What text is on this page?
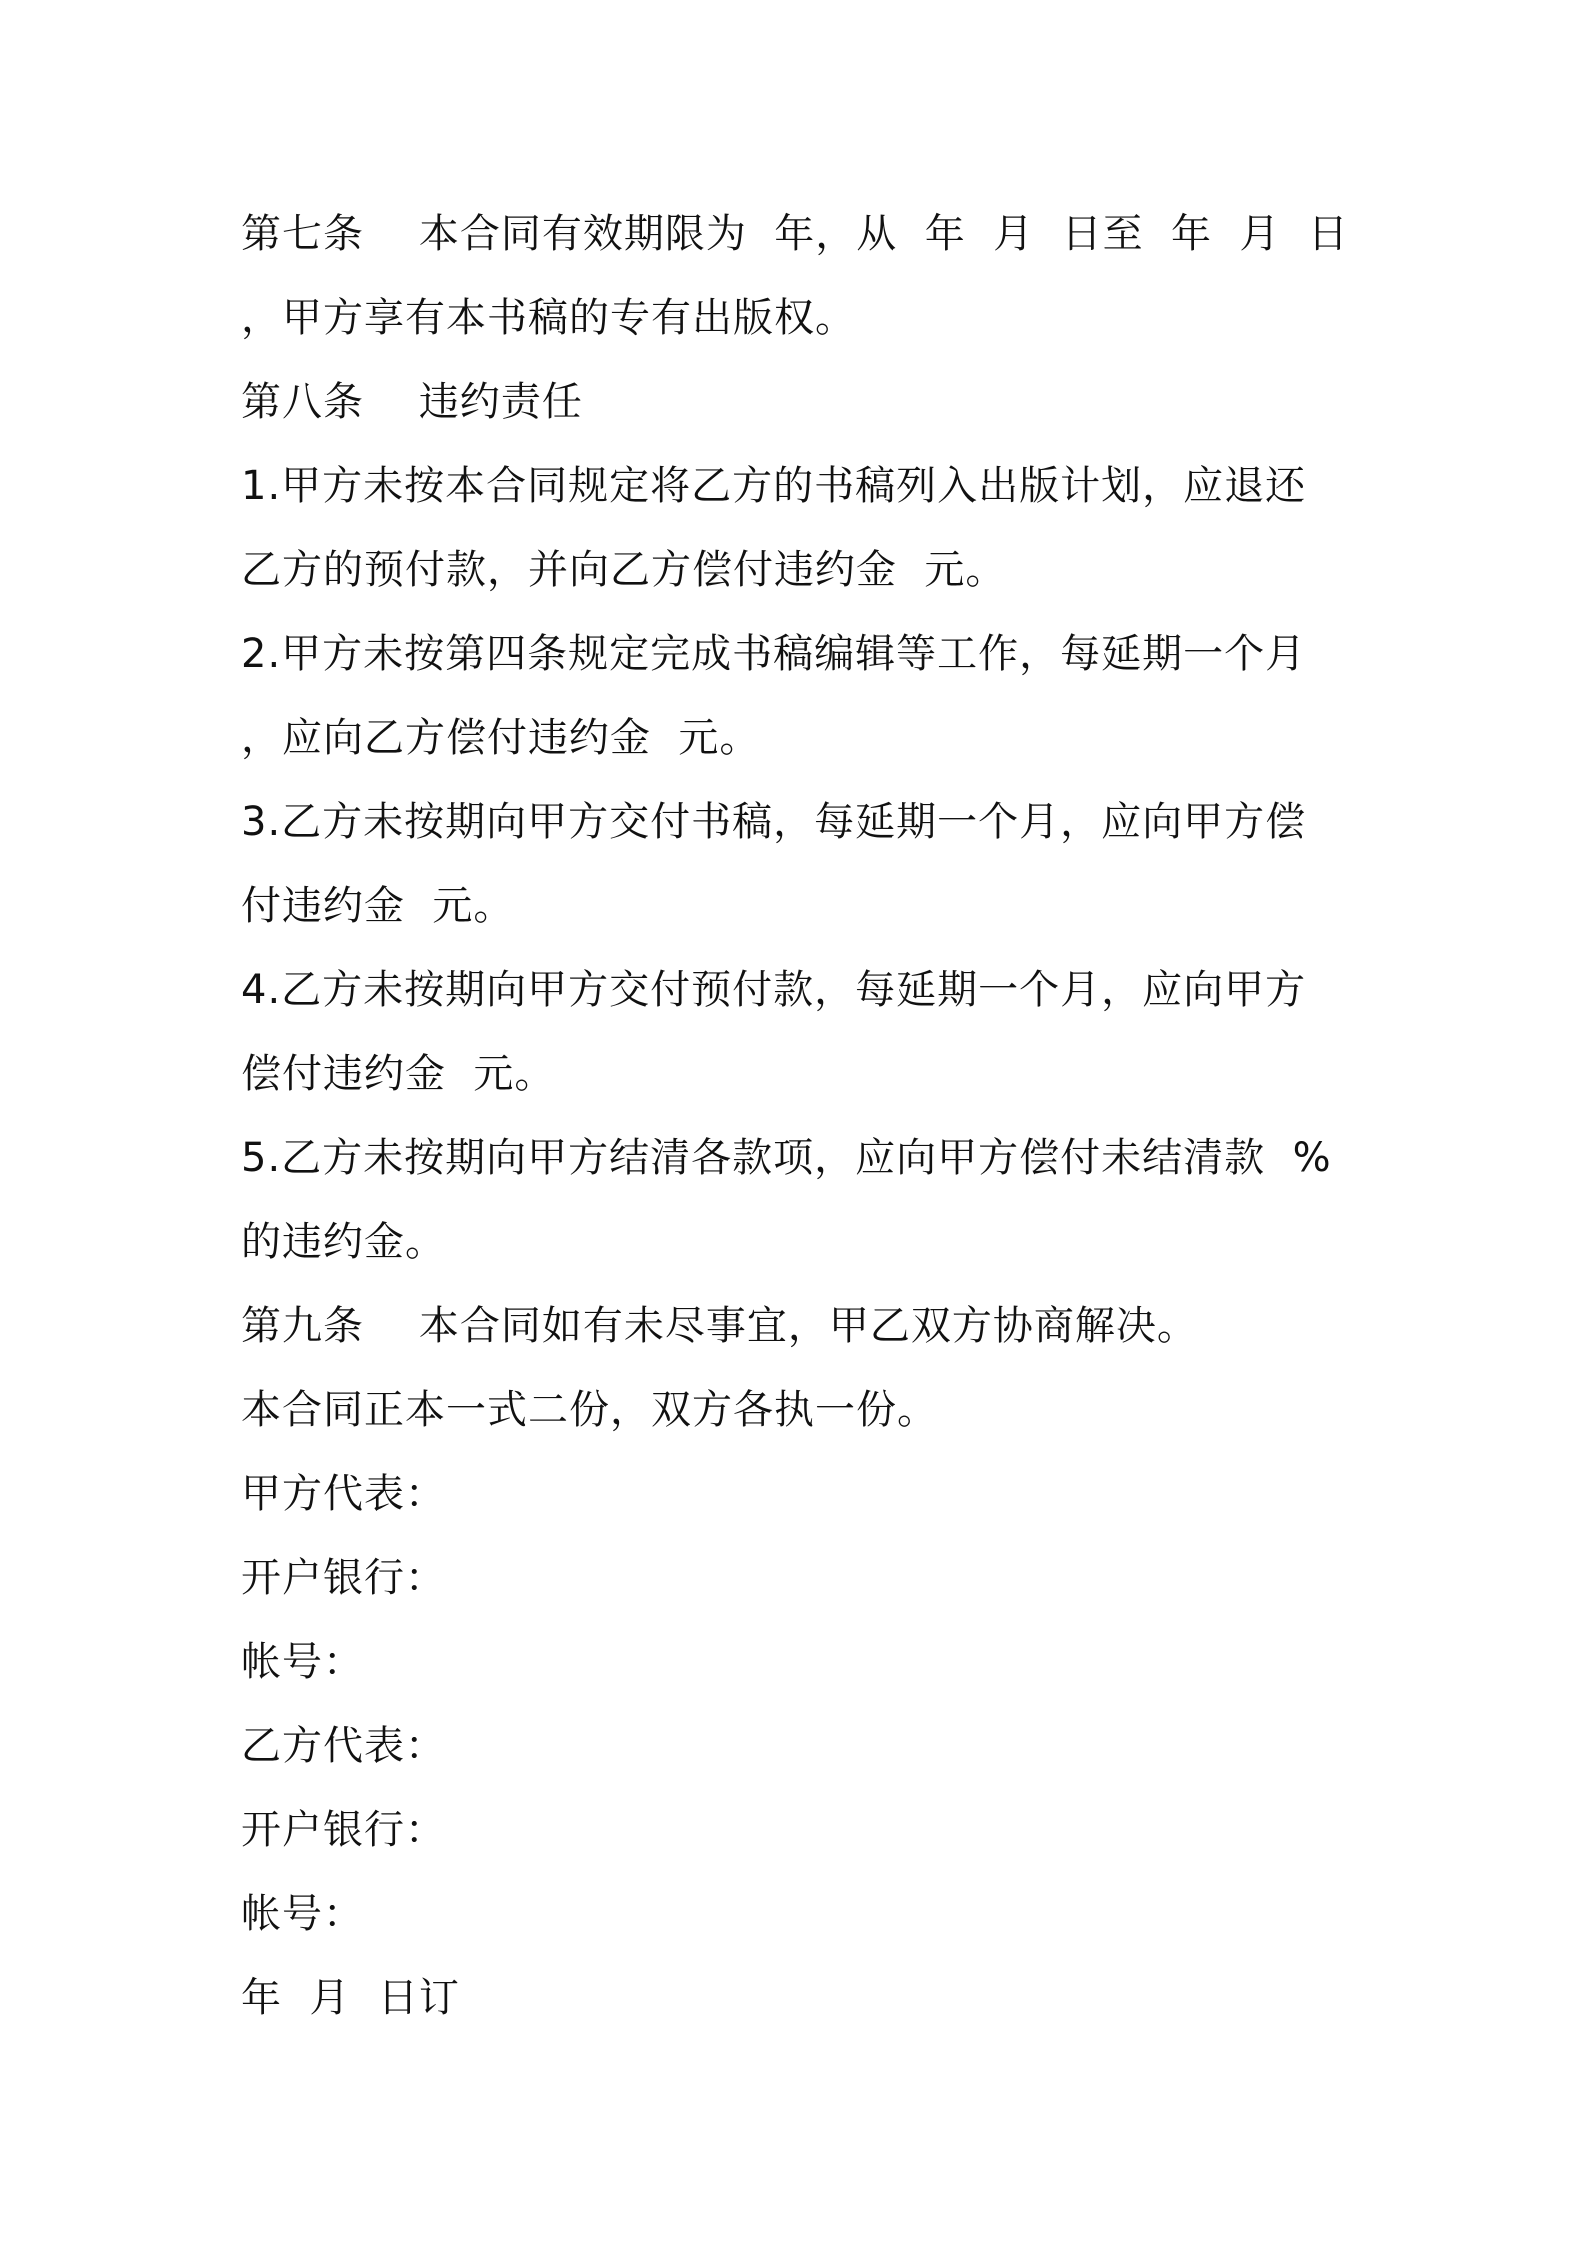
第七条    本合同有效期限为  年，从  年  月  日至  年  月  日
，甲方享有本书稿的专有出版权。
第八条    违约责任
1.甲方未按本合同规定将乙方的书稿列入出版计划，应退还
乙方的预付款，并向乙方偿付违约金  元。
2.甲方未按第四条规定完成书稿编辑等工作，每延期一个月
，应向乙方偿付违约金  元。
3.乙方未按期向甲方交付书稿，每延期一个月，应向甲方偿
付违约金  元。
4.乙方未按期向甲方交付预付款，每延期一个月，应向甲方
偿付违约金  元。
5.乙方未按期向甲方结清各款项，应向甲方偿付未结清款  %
的违约金。
第九条    本合同如有未尽事宜，甲乙双方协商解决。
本合同正本一式二份，双方各执一份。
甲方代表：
开户银行：
帐号：
乙方代表：
开户银行：
帐号：
年  月  日订
